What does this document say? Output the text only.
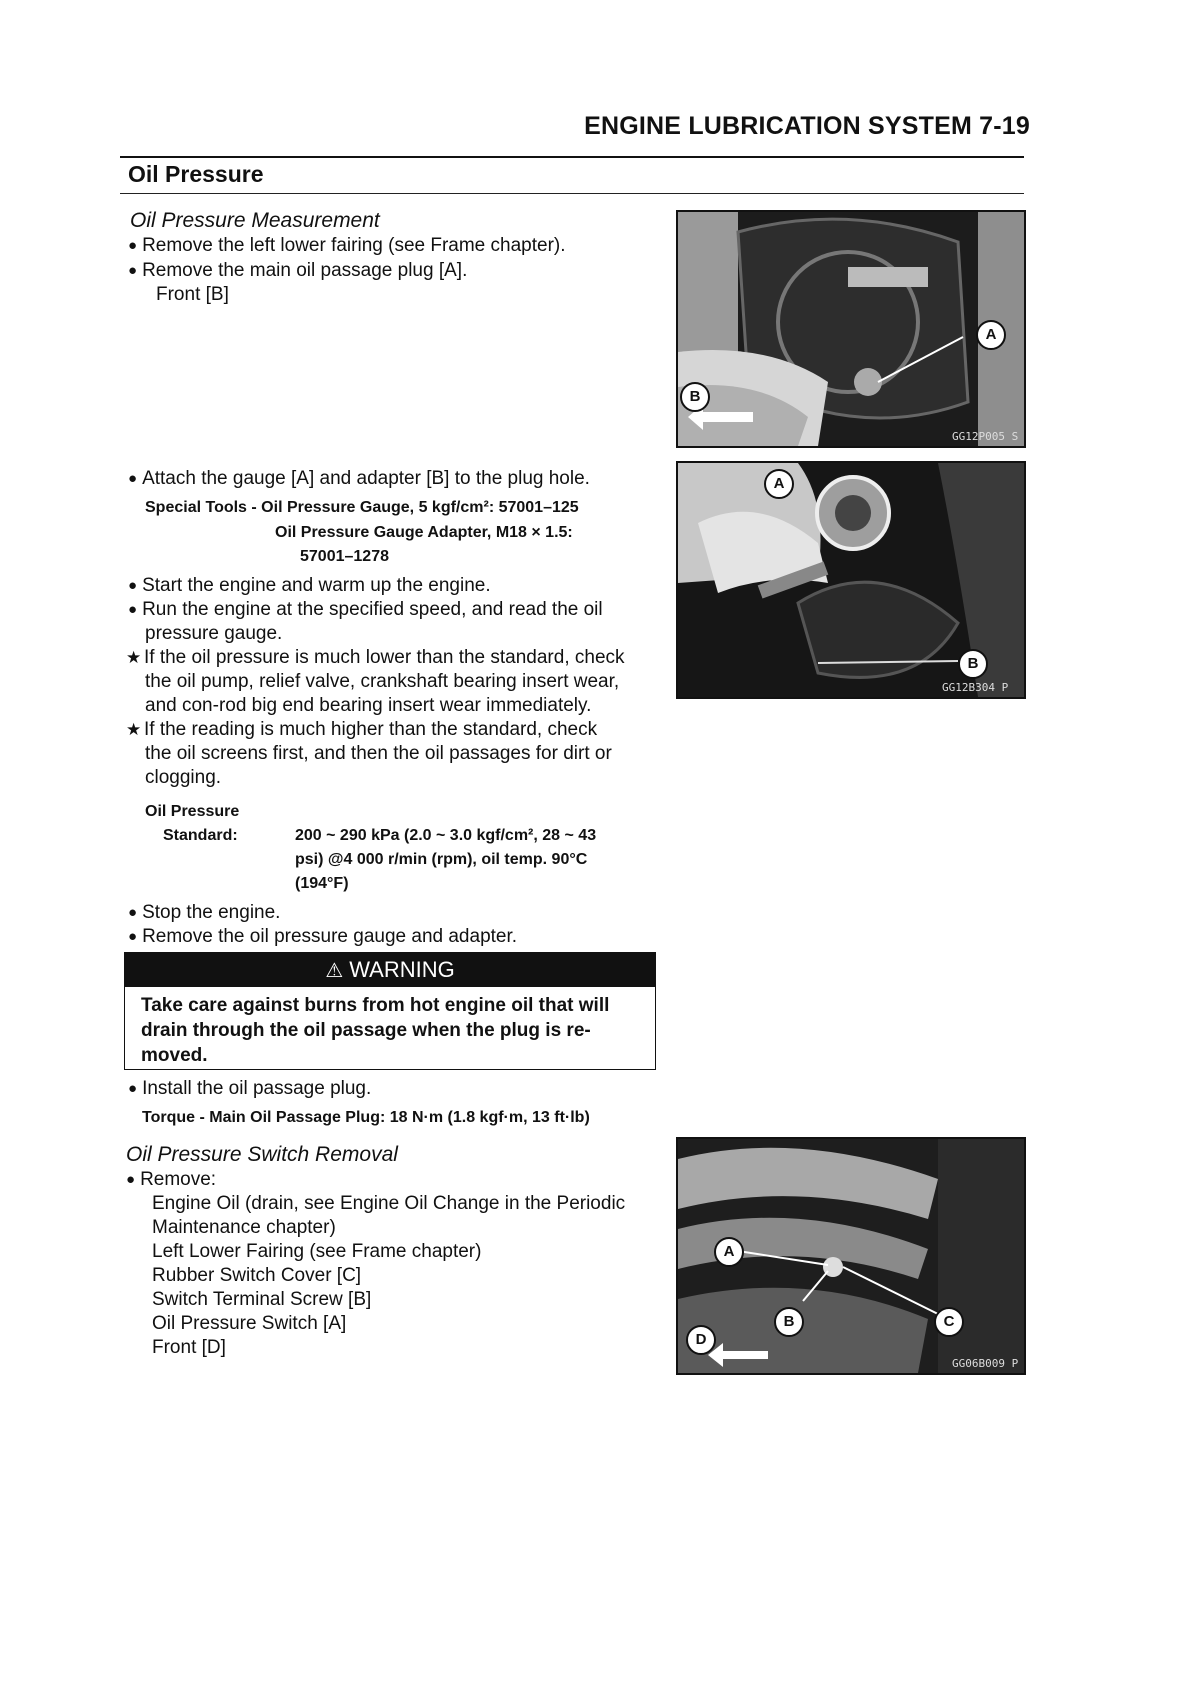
ENGINE LUBRICATION SYSTEM 7-19
Oil Pressure
Oil Pressure Measurement
● Remove the left lower fairing (see Frame chapter).
● Remove the main oil passage plug [A].
Front [B]
● Attach the gauge [A] and adapter [B] to the plug hole.
Special Tools - Oil Pressure Gauge, 5 kgf/cm²: 57001–125
Oil Pressure Gauge Adapter, M18 × 1.5:
57001–1278
● Start the engine and warm up the engine.
● Run the engine at the specified speed, and read the oil
pressure gauge.
★ If the oil pressure is much lower than the standard, check
the oil pump, relief valve, crankshaft bearing insert wear,
and con-rod big end bearing insert wear immediately.
★ If the reading is much higher than the standard, check
the oil screens first, and then the oil passages for dirt or
clogging.
Oil Pressure
Standard:	200 ~ 290 kPa (2.0 ~ 3.0 kgf/cm², 28 ~ 43
psi) @4 000 r/min (rpm), oil temp. 90°C
(194°F)
● Stop the engine.
● Remove the oil pressure gauge and adapter.
⚠ WARNING
Take care against burns from hot engine oil that will
drain through the oil passage when the plug is re-
moved.
● Install the oil passage plug.
Torque - Main Oil Passage Plug: 18 N·m (1.8 kgf·m, 13 ft·lb)
Oil Pressure Switch Removal
● Remove:
Engine Oil (drain, see Engine Oil Change in the Periodic
Maintenance chapter)
Left Lower Fairing (see Frame chapter)
Rubber Switch Cover [C]
Switch Terminal Screw [B]
Oil Pressure Switch [A]
Front [D]
A
B
GG12P005 S
A
B
GG12B304 P
A
B	C
D
GG06B009 P
